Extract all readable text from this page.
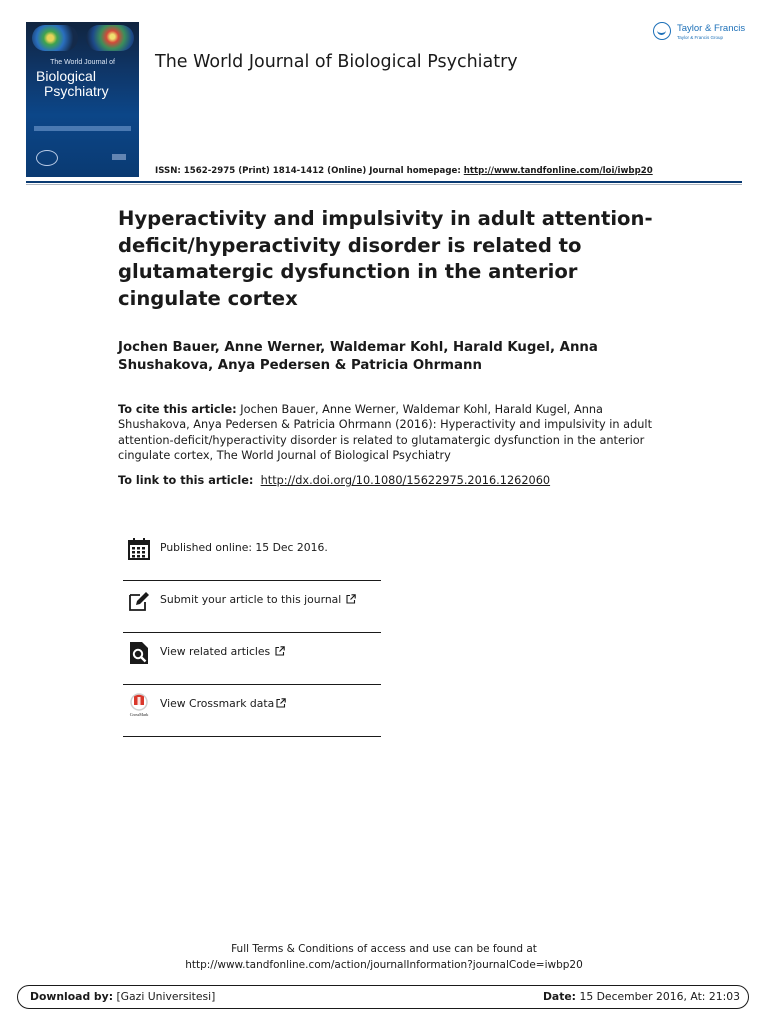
The World Journal of
Biological
Psychiatry
The World Journal of Biological Psychiatry
Taylor & Francis
Taylor & Francis Group
ISSN: 1562-2975 (Print) 1814-1412 (Online) Journal homepage: http://www.tandfonline.com/loi/iwbp20
Hyperactivity and impulsivity in adult attention-deficit/hyperactivity disorder is related to glutamatergic dysfunction in the anterior cingulate cortex

Jochen Bauer, Anne Werner, Waldemar Kohl, Harald Kugel, Anna Shushakova, Anya Pedersen & Patricia Ohrmann

To cite this article: Jochen Bauer, Anne Werner, Waldemar Kohl, Harald Kugel, Anna Shushakova, Anya Pedersen & Patricia Ohrmann (2016): Hyperactivity and impulsivity in adult attention-deficit/hyperactivity disorder is related to glutamatergic dysfunction in the anterior cingulate cortex, The World Journal of Biological Psychiatry

To link to this article: http://dx.doi.org/10.1080/15622975.2016.1262060
Published online: 15 Dec 2016.
Submit your article to this journal
View related articles
CrossMark
View Crossmark data

Full Terms & Conditions of access and use can be found at
http://www.tandfonline.com/action/journalInformation?journalCode=iwbp20

Download by: [Gazi Universitesi]	Date: 15 December 2016, At: 21:03
